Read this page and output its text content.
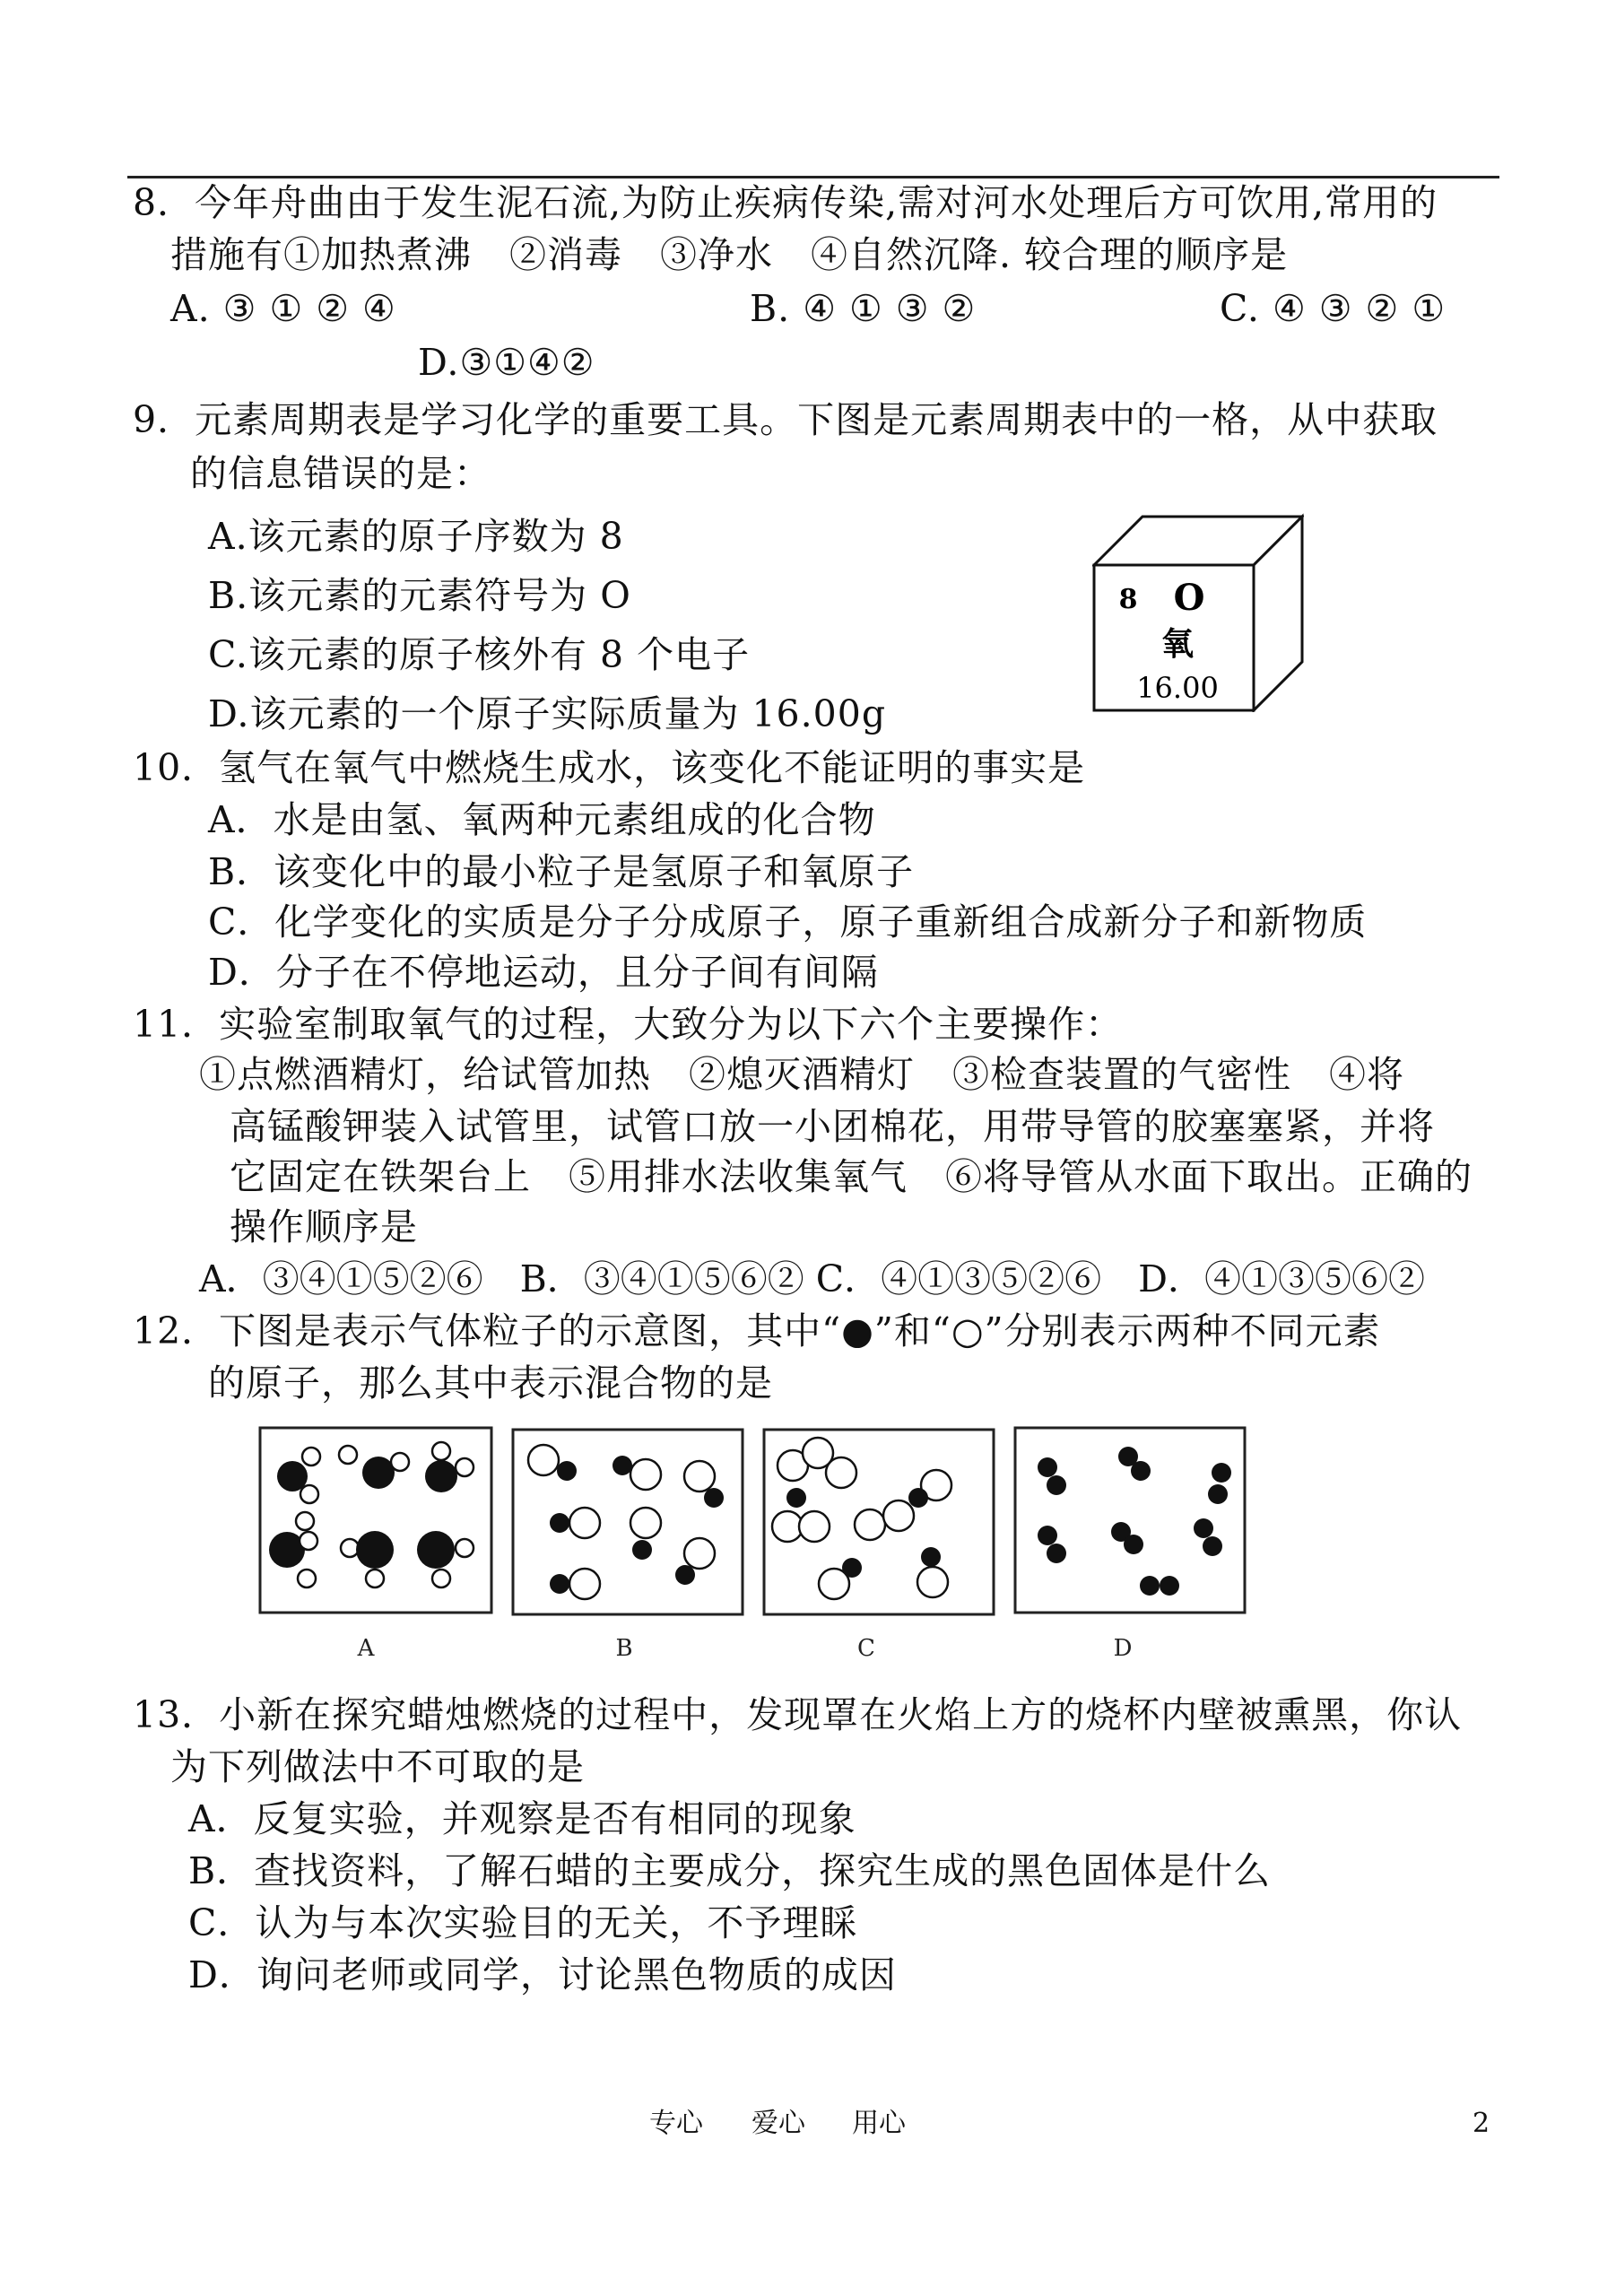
8．今年舟曲由于发生泥石流,为防止疾病传染,需对河水处理后方可饮用,常用的
措施有①加热煮沸　②消毒　③净水　④自然沉降. 较合理的顺序是
A. ③ ① ② ④	B. ④ ① ③ ②	C. ④ ③ ② ①
D.③①④②
9．元素周期表是学习化学的重要工具。下图是元素周期表中的一格，从中获取
的信息错误的是：
A.该元素的原子序数为 8
B.该元素的元素符号为 O
C.该元素的原子核外有 8 个电子
D.该元素的一个原子实际质量为 16.00g
8 O
氧
16.00
10．氢气在氧气中燃烧生成水，该变化不能证明的事实是
A．水是由氢、氧两种元素组成的化合物
B．该变化中的最小粒子是氢原子和氧原子
C．化学变化的实质是分子分成原子，原子重新组合成新分子和新物质
D．分子在不停地运动，且分子间有间隔
11．实验室制取氧气的过程，大致分为以下六个主要操作：
①点燃酒精灯，给试管加热　②熄灭酒精灯　③检查装置的气密性　④将
高锰酸钾装入试管里，试管口放一小团棉花，用带导管的胶塞塞紧，并将
它固定在铁架台上　⑤用排水法收集氧气　⑥将导管从水面下取出。正确的
操作顺序是
A．③④①⑤②⑥　B．③④①⑤⑥② C．④①③⑤②⑥　D．④①③⑤⑥②
12．下图是表示气体粒子的示意图，其中“●”和“○”分别表示两种不同元素
的原子，那么其中表示混合物的是
A	B	C	D
13．小新在探究蜡烛燃烧的过程中，发现罩在火焰上方的烧杯内壁被熏黑，你认
为下列做法中不可取的是
A．反复实验，并观察是否有相同的现象
B．查找资料，了解石蜡的主要成分，探究生成的黑色固体是什么
C．认为与本次实验目的无关，不予理睬
D．询问老师或同学，讨论黑色物质的成因
专心 爱心 用心	2
